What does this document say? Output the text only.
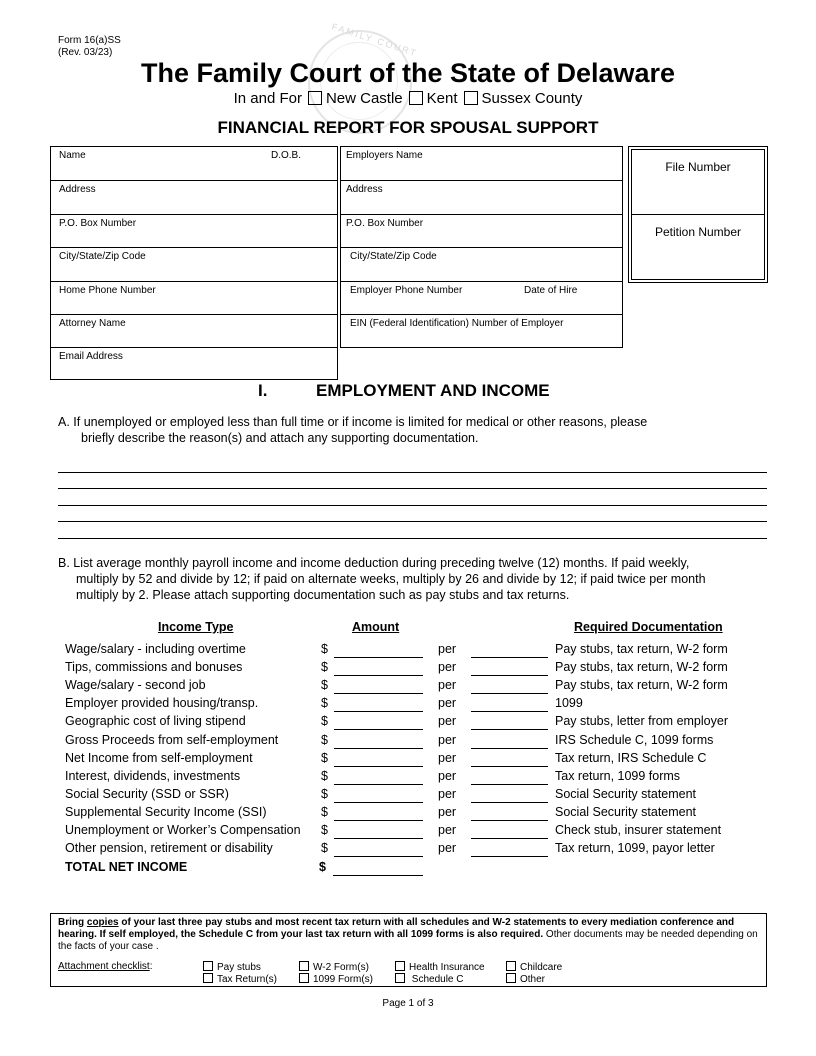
Form 16(a)SS
(Rev. 03/23)	FAMILY COURT
The Family Court of the State of Delaware
In and For New Castle Kent Sussex County
FINANCIAL REPORT FOR SPOUSAL SUPPORT
Name	D.O.B.
Address
P.O. Box Number
City/State/Zip Code
Home Phone Number
Attorney Name
Email Address
Employers Name
Address
P.O. Box Number
City/State/Zip Code
Employer Phone Number	Date of Hire
EIN (Federal Identification) Number of Employer
File Number
Petition Number
I.	EMPLOYMENT AND INCOME
A. If unemployed or employed less than full time or if income is limited for medical or other reasons, please
briefly describe the reason(s) and attach any supporting documentation.
B. List average monthly payroll income and income deduction during preceding twelve (12) months. If paid weekly,
multiply by 52 and divide by 12; if paid on alternate weeks, multiply by 26 and divide by 12; if paid twice per month
multiply by 2. Please attach supporting documentation such as pay stubs and tax returns.
Income Type	Amount	Required Documentation
Wage/salary - including overtime	$	per	Pay stubs, tax return, W-2 form
Tips, commissions and bonuses	$	per	Pay stubs, tax return, W-2 form
Wage/salary - second job	$	per	Pay stubs, tax return, W-2 form
Employer provided housing/transp.	$	per	1099
Geographic cost of living stipend	$	per	Pay stubs, letter from employer
Gross Proceeds from self-employment	$	per	IRS Schedule C, 1099 forms
Net Income from self-employment	$	per	Tax return, IRS Schedule C
Interest, dividends, investments	$	per	Tax return, 1099 forms
Social Security (SSD or SSR)	$	per	Social Security statement
Supplemental Security Income (SSI)	$	per	Social Security statement
Unemployment or Worker’s Compensation $	per	Check stub, insurer statement
Other pension, retirement or disability	$	per	Tax return, 1099, payor letter
TOTAL NET INCOME	$
Bring copies of your last three pay stubs and most recent tax return with all schedules and W-2 statements to every mediation conference and hearing. If self employed, the Schedule C from your last tax return with all 1099 forms is also required. Other documents may be needed depending on the facts of your case .
Attachment checklist:	Pay stubs	W-2 Form(s)	Health Insurance	Childcare
Tax Return(s)	1099 Form(s)	Schedule C	Other
Page 1 of 3
